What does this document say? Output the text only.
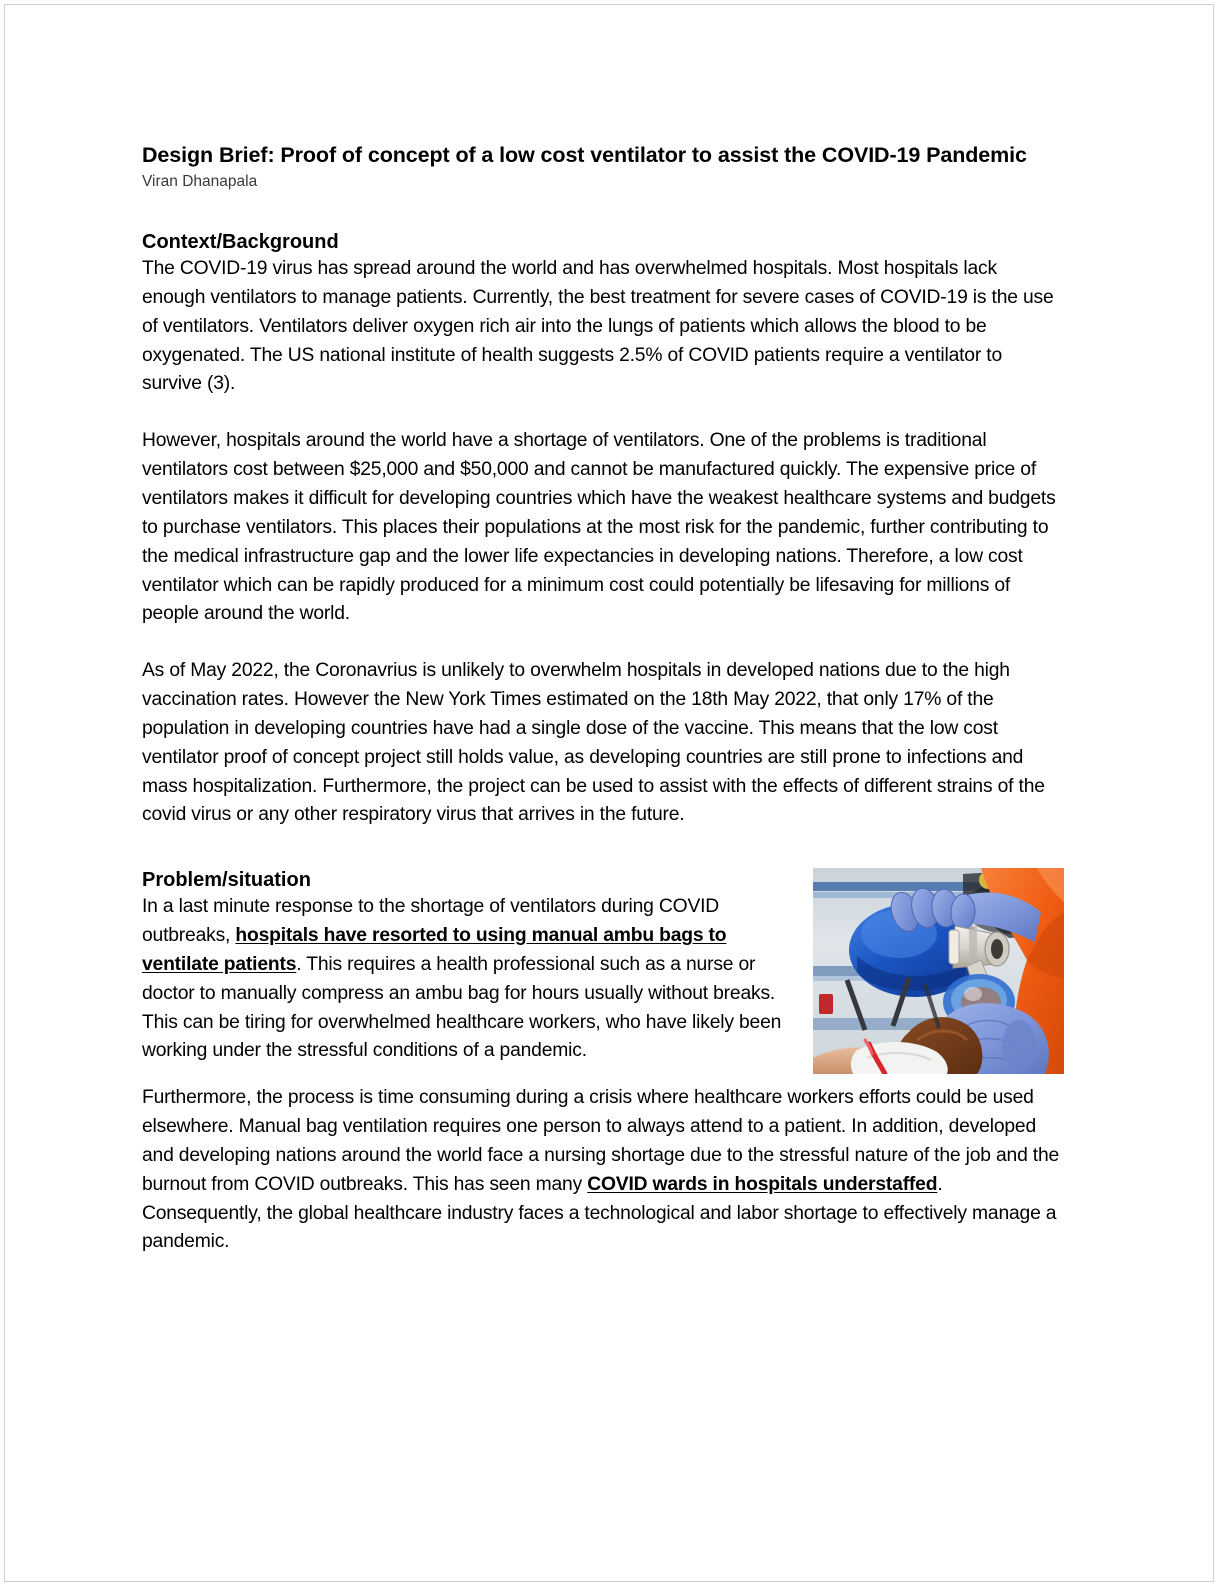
Design Brief: Proof of concept of a low cost ventilator to assist the COVID-19 Pandemic

Viran Dhanapala

Context/Background

The COVID-19 virus has spread around the world and has overwhelmed hospitals. Most hospitals lack enough ventilators to manage patients. Currently, the best treatment for severe cases of COVID-19 is the use of ventilators. Ventilators deliver oxygen rich air into the lungs of patients which allows the blood to be oxygenated. The US national institute of health suggests 2.5% of COVID patients require a ventilator to survive (3).

However, hospitals around the world have a shortage of ventilators. One of the problems is traditional ventilators cost between $25,000 and $50,000 and cannot be manufactured quickly. The expensive price of ventilators makes it difficult for developing countries which have the weakest healthcare systems and budgets to purchase ventilators. This places their populations at the most risk for the pandemic, further contributing to the medical infrastructure gap and the lower life expectancies in developing nations. Therefore, a low cost ventilator which can be rapidly produced for a minimum cost could potentially be lifesaving for millions of people around the world.

As of May 2022, the Coronavrius is unlikely to overwhelm hospitals in developed nations due to the high vaccination rates. However the New York Times estimated on the 18th May 2022, that only 17% of the population in developing countries have had a single dose of the vaccine. This means that the low cost ventilator proof of concept project still holds value, as developing countries are still prone to infections and mass hospitalization. Furthermore, the project can be used to assist with the effects of different strains of the covid virus or any other respiratory virus that arrives in the future.

Problem/situation

In a last minute response to the shortage of ventilators during COVID outbreaks, hospitals have resorted to using manual ambu bags to ventilate patients. This requires a health professional such as a nurse or doctor to manually compress an ambu bag for hours usually without breaks. This can be tiring for overwhelmed healthcare workers, who have likely been working under the stressful conditions of a pandemic.

Furthermore, the process is time consuming during a crisis where healthcare workers efforts could be used elsewhere. Manual bag ventilation requires one person to always attend to a patient. In addition, developed and developing nations around the world face a nursing shortage due to the stressful nature of the job and the burnout from COVID outbreaks. This has seen many COVID wards in hospitals understaffed. Consequently, the global healthcare industry faces a technological and labor shortage to effectively manage a pandemic.
